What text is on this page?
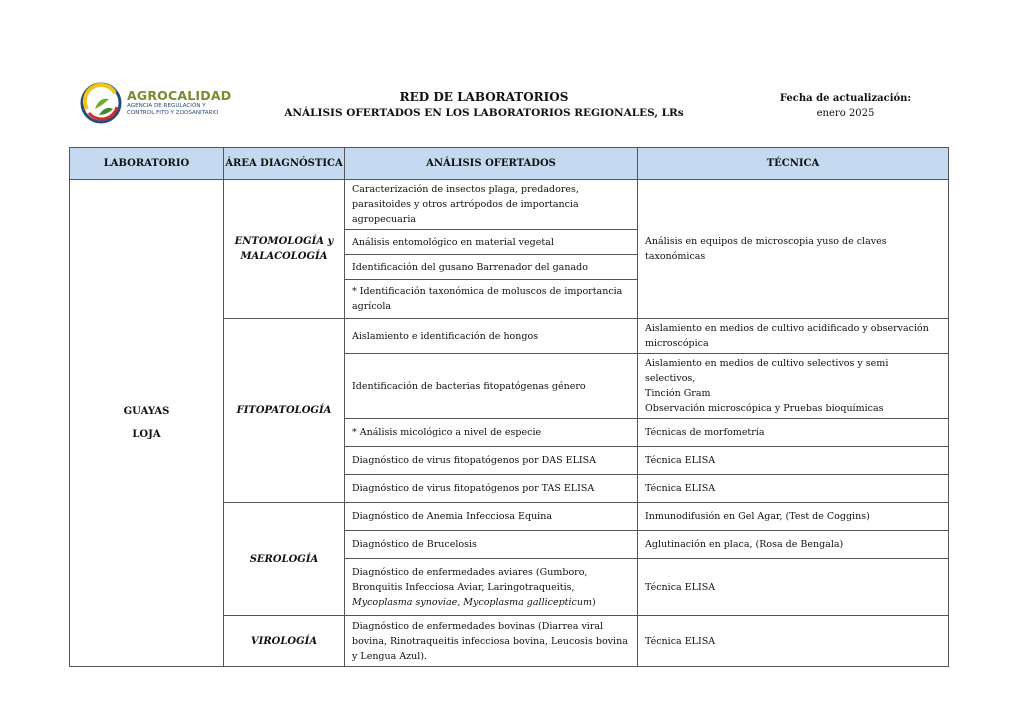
AGROCALIDAD
AGENCIA DE REGULACIÓN Y
CONTROL FITO Y ZOOSANITARIO
RED DE LABORATORIOS
ANÁLISIS OFERTADOS EN LOS LABORATORIOS REGIONALES, LRs
Fecha de actualización:
enero 2025
LABORATORIO	ÁREA DIAGNÓSTICA	ANÁLISIS OFERTADOS	TÉCNICA

GUAYAS
LOJA	ENTOMOLOGÍA y MALACOLOGÍA	Caracterización de insectos plaga, predadores, parasitoides y otros artrópodos de importancia agropecuaria	Análisis en equipos de microscopia yuso de claves taxonómicas
		Análisis entomológico en material vegetal	
		Identificación del gusano Barrenador del ganado	
		* Identificación taxonómica de moluscos de importancia agrícola	
	FITOPATOLOGÍA	Aislamiento e identificación de hongos	Aislamiento en medios de cultivo acidificado y observación microscópica
		Identificación de bacterias fitopatógenas género	Aislamiento en medios de cultivo selectivos y semi selectivos,
Tinción Gram
Observación microscópica y Pruebas bioquímicas
		* Análisis micológico a nivel de especie	Técnicas de morfometría
		Diagnóstico de virus fitopatógenos por DAS ELISA	Técnica ELISA
		Diagnóstico de virus fitopatógenos por TAS ELISA	Técnica ELISA
	SEROLOGÍA	Diagnóstico de Anemia Infecciosa Equina	Inmunodifusión en Gel Agar, (Test de Coggins)
		Diagnóstico de Brucelosis	Aglutinación en placa, (Rosa de Bengala)
		Diagnóstico de enfermedades aviares (Gumboro, Bronquitis Infecciosa Aviar, Laringotraqueitis, Mycoplasma synoviae, Mycoplasma gallicepticum)	Técnica ELISA
	VIROLOGÍA	Diagnóstico de enfermedades bovinas (Diarrea viral bovina, Rinotraqueitis infecciosa bovina, Leucosis bovina y Lengua Azul).	Técnica ELISA
